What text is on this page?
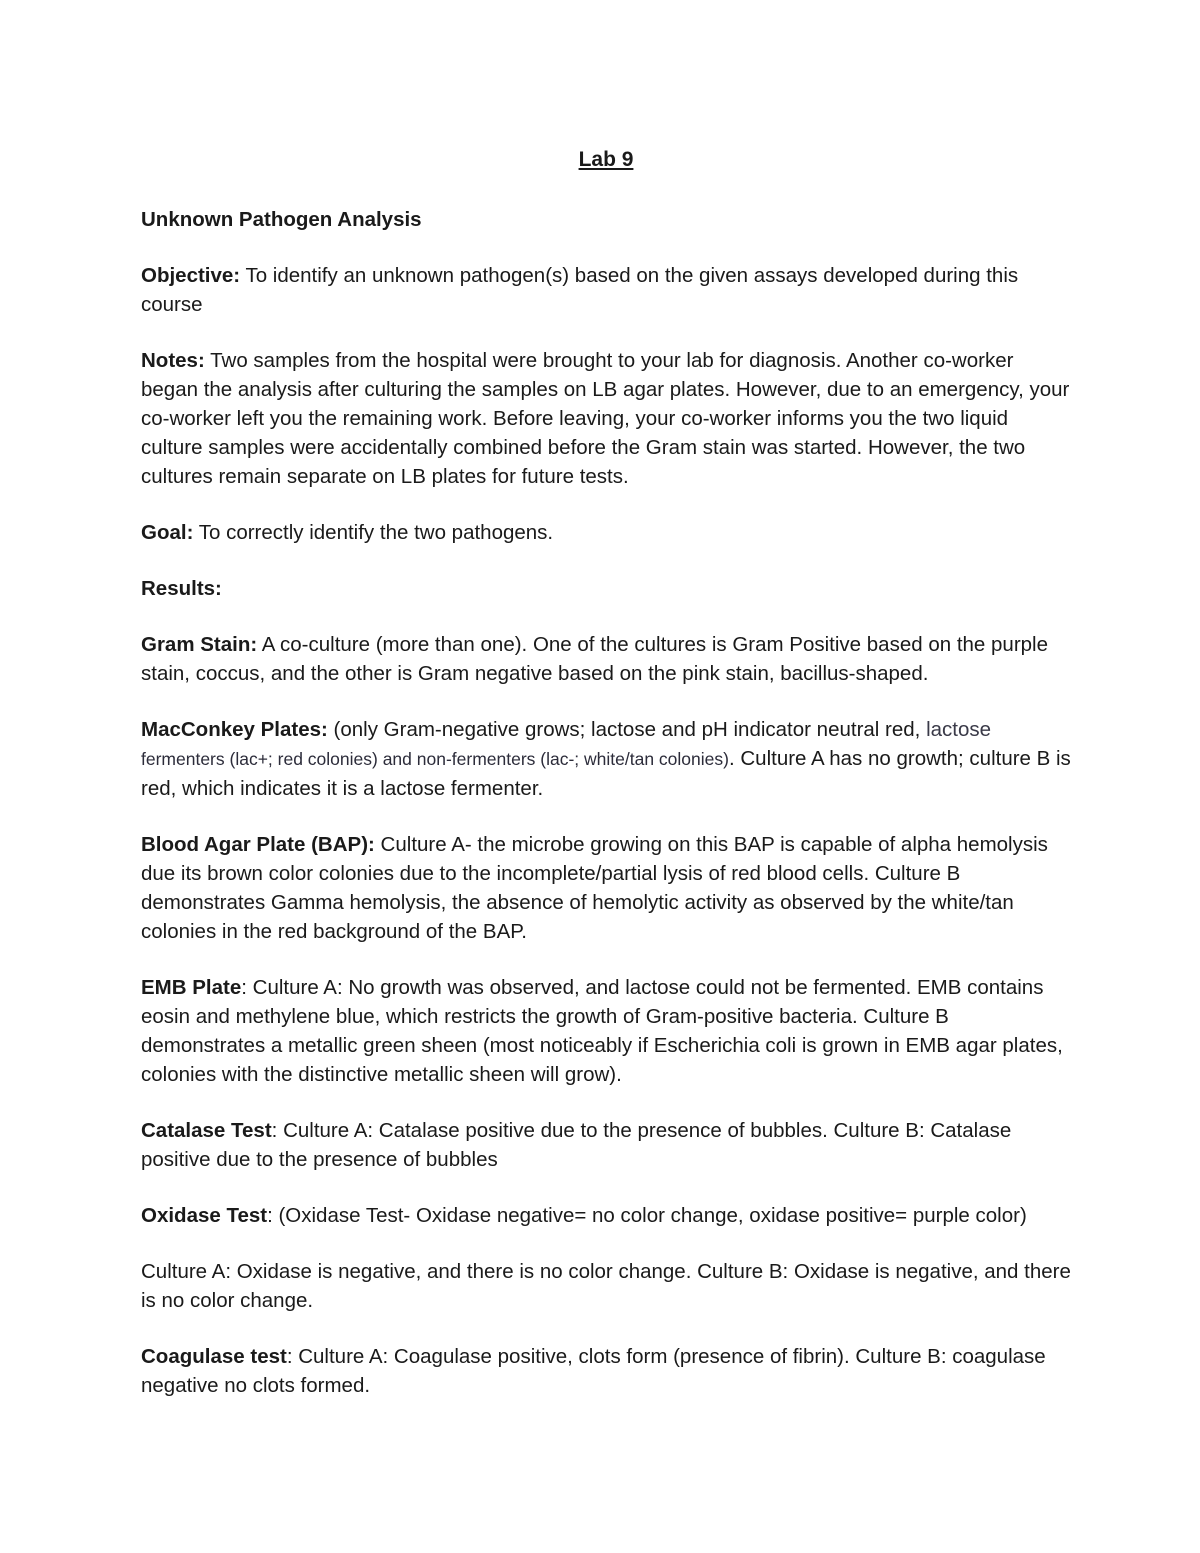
Lab 9
Unknown Pathogen Analysis
Objective: To identify an unknown pathogen(s) based on the given assays developed during this course
Notes: Two samples from the hospital were brought to your lab for diagnosis. Another co-worker began the analysis after culturing the samples on LB agar plates. However, due to an emergency, your co-worker left you the remaining work. Before leaving, your co-worker informs you the two liquid culture samples were accidentally combined before the Gram stain was started. However, the two cultures remain separate on LB plates for future tests.
Goal: To correctly identify the two pathogens.
Results:
Gram Stain: A co-culture (more than one). One of the cultures is Gram Positive based on the purple stain, coccus, and the other is Gram negative based on the pink stain, bacillus-shaped.
MacConkey Plates: (only Gram-negative grows; lactose and pH indicator neutral red, lactose fermenters (lac+; red colonies) and non-fermenters (lac-; white/tan colonies). Culture A has no growth; culture B is red, which indicates it is a lactose fermenter.
Blood Agar Plate (BAP): Culture A- the microbe growing on this BAP is capable of alpha hemolysis due its brown color colonies due to the incomplete/partial lysis of red blood cells. Culture B demonstrates Gamma hemolysis, the absence of hemolytic activity as observed by the white/tan colonies in the red background of the BAP.
EMB Plate: Culture A: No growth was observed, and lactose could not be fermented. EMB contains eosin and methylene blue, which restricts the growth of Gram-positive bacteria. Culture B demonstrates a metallic green sheen (most noticeably if Escherichia coli is grown in EMB agar plates, colonies with the distinctive metallic sheen will grow).
Catalase Test: Culture A: Catalase positive due to the presence of bubbles. Culture B: Catalase positive due to the presence of bubbles
Oxidase Test: (Oxidase Test- Oxidase negative= no color change, oxidase positive= purple color)
Culture A: Oxidase is negative, and there is no color change. Culture B: Oxidase is negative, and there is no color change.
Coagulase test: Culture A: Coagulase positive, clots form (presence of fibrin). Culture B: coagulase negative no clots formed.
